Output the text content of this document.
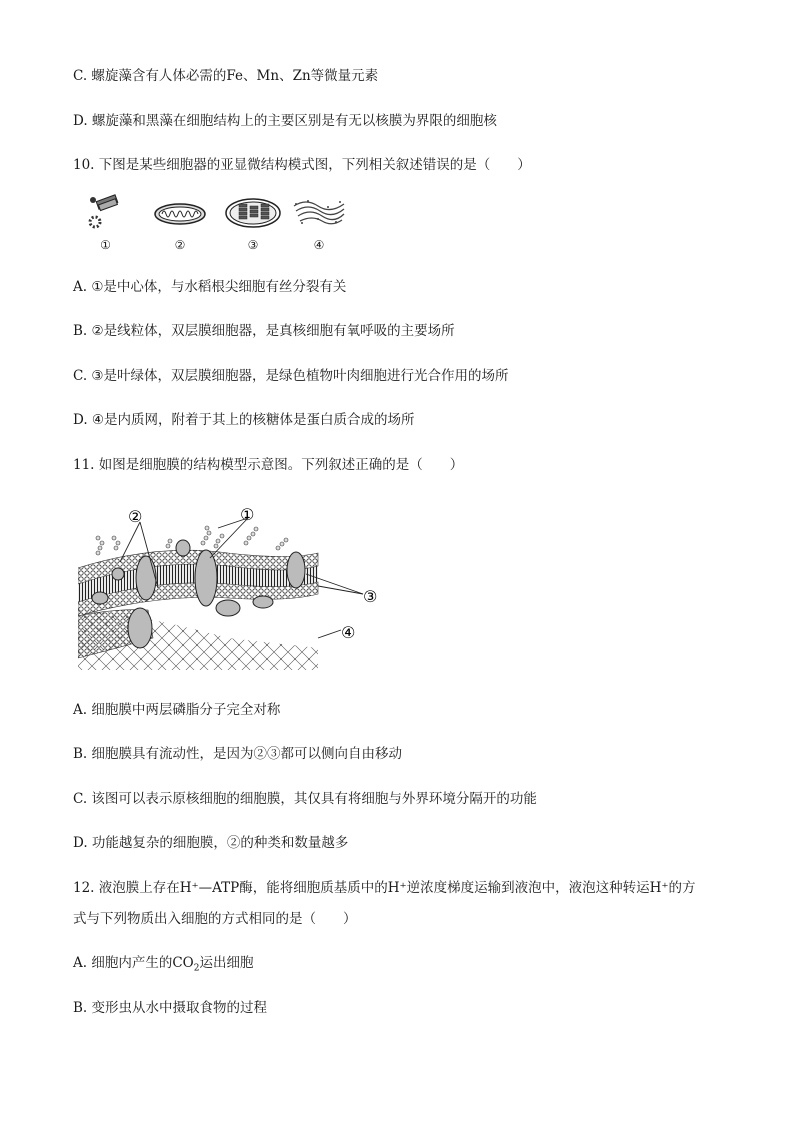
C. 螺旋藻含有人体必需的Fe、Mn、Zn等微量元素
D. 螺旋藻和黑藻在细胞结构上的主要区别是有无以核膜为界限的细胞核
10. 下图是某些细胞器的亚显微结构模式图，下列相关叙述错误的是（　　）
①	②	③	④
A. ①是中心体，与水稻根尖细胞有丝分裂有关
B. ②是线粒体，双层膜细胞器，是真核细胞有氧呼吸的主要场所
C. ③是叶绿体，双层膜细胞器，是绿色植物叶肉细胞进行光合作用的场所
D. ④是内质网，附着于其上的核糖体是蛋白质合成的场所
11. 如图是细胞膜的结构模型示意图。下列叙述正确的是（　　）
②	①
③
④
A. 细胞膜中两层磷脂分子完全对称
B. 细胞膜具有流动性，是因为②③都可以侧向自由移动
C. 该图可以表示原核细胞的细胞膜，其仅具有将细胞与外界环境分隔开的功能
D. 功能越复杂的细胞膜，②的种类和数量越多
12. 液泡膜上存在H⁺—ATP酶，能将细胞质基质中的H⁺逆浓度梯度运输到液泡中，液泡这种转运H⁺的方
式与下列物质出入细胞的方式相同的是（　　）
A. 细胞内产生的$CO_2$运出细胞
B. 变形虫从水中摄取食物的过程
